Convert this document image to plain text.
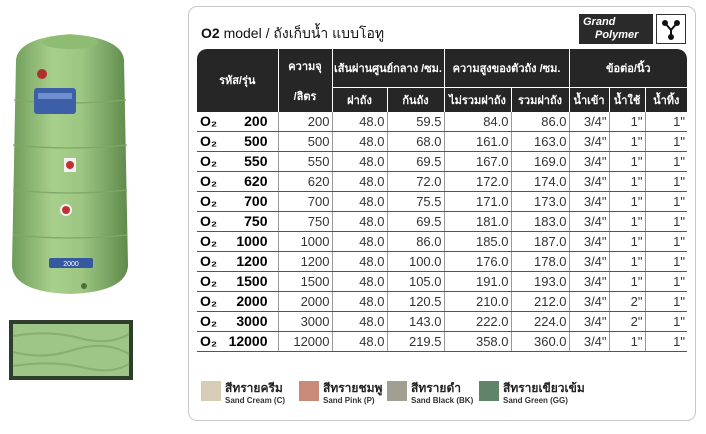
2000
O2 model / ถังเก็บน้ำ แบบโอทู
Grand
Polymer
รหัส/รุ่น	ความจุ	เส้นผ่านศูนย์กลาง /ซม.		ความสูงของตัวถัง /ซม.		ข้อต่อ/นิ้ว		
	/ลิตร	ฝาถัง	ก้นถัง	ไม่รวมฝาถัง	รวมฝาถัง	น้ำเข้า	น้ำใช้	น้ำทิ้ง
O₂ 200	200	48.0	59.5	84.0	86.0	3/4"	1"	1"
O₂ 500	500	48.0	68.0	161.0	163.0	3/4"	1"	1"
O₂ 550	550	48.0	69.5	167.0	169.0	3/4"	1"	1"
O₂ 620	620	48.0	72.0	172.0	174.0	3/4"	1"	1"
O₂ 700	700	48.0	75.5	171.0	173.0	3/4"	1"	1"
O₂ 750	750	48.0	69.5	181.0	183.0	3/4"	1"	1"
O₂ 1000	1000	48.0	86.0	185.0	187.0	3/4"	1"	1"
O₂ 1200	1200	48.0	100.0	176.0	178.0	3/4"	1"	1"
O₂ 1500	1500	48.0	105.0	191.0	193.0	3/4"	1"	1"
O₂ 2000	2000	48.0	120.5	210.0	212.0	3/4"	2"	1"
O₂ 3000	3000	48.0	143.0	222.0	224.0	3/4"	2"	1"
O₂ 12000	12000	48.0	219.5	358.0	360.0	3/4"	1"	1"
สีทรายครีม
Sand Cream (C)
สีทรายชมพู
Sand Pink (P)
สีทรายดำ
Sand Black (BK)
สีทรายเขียวเข้ม
Sand Green (GG)
